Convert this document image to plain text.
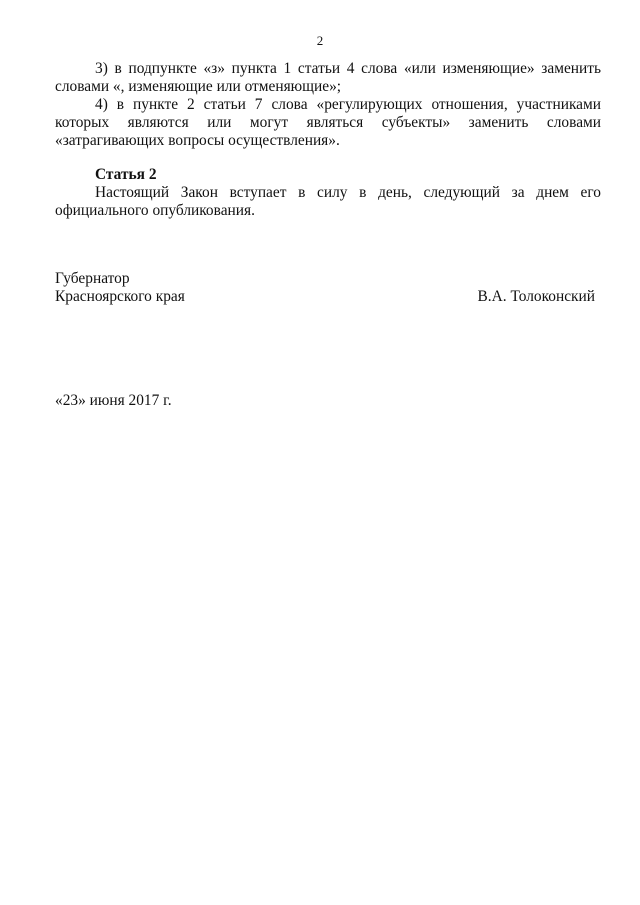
2

3) в подпункте «з» пункта 1 статьи 4 слова «или изменяющие» заменить словами «, изменяющие или отменяющие»;

4) в пункте 2 статьи 7 слова «регулирующих отношения, участниками которых являются или могут являться субъекты» заменить словами «затрагивающих вопросы осуществления».

Статья 2

Настоящий Закон вступает в силу в день, следующий за днем его официального опубликования.

Губернатор
Красноярского края	В.А. Толоконский
«23» июня 2017 г.
